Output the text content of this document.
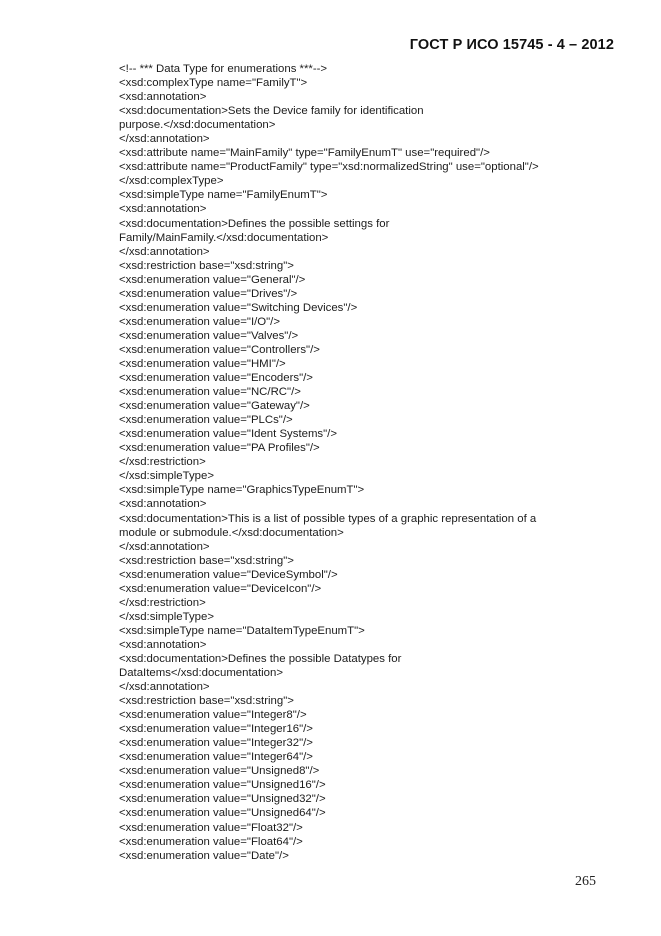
ГОСТ Р ИСО 15745 - 4 – 2012
<!-- *** Data Type for enumerations ***-->
<xsd:complexType name="FamilyT">
<xsd:annotation>
<xsd:documentation>Sets the Device family for identification
purpose.</xsd:documentation>
</xsd:annotation>
<xsd:attribute name="MainFamily" type="FamilyEnumT" use="required"/>
<xsd:attribute name="ProductFamily" type="xsd:normalizedString" use="optional"/>
</xsd:complexType>
<xsd:simpleType name="FamilyEnumT">
<xsd:annotation>
<xsd:documentation>Defines the possible settings for
Family/MainFamily.</xsd:documentation>
</xsd:annotation>
<xsd:restriction base="xsd:string">
<xsd:enumeration value="General"/>
<xsd:enumeration value="Drives"/>
<xsd:enumeration value="Switching Devices"/>
<xsd:enumeration value="I/O"/>
<xsd:enumeration value="Valves"/>
<xsd:enumeration value="Controllers"/>
<xsd:enumeration value="HMI"/>
<xsd:enumeration value="Encoders"/>
<xsd:enumeration value="NC/RC"/>
<xsd:enumeration value="Gateway"/>
<xsd:enumeration value="PLCs"/>
<xsd:enumeration value="Ident Systems"/>
<xsd:enumeration value="PA Profiles"/>
</xsd:restriction>
</xsd:simpleType>
<xsd:simpleType name="GraphicsTypeEnumT">
<xsd:annotation>
<xsd:documentation>This is a list of possible types of a graphic representation of a
module or submodule.</xsd:documentation>
</xsd:annotation>
<xsd:restriction base="xsd:string">
<xsd:enumeration value="DeviceSymbol"/>
<xsd:enumeration value="DeviceIcon"/>
</xsd:restriction>
</xsd:simpleType>
<xsd:simpleType name="DataItemTypeEnumT">
<xsd:annotation>
<xsd:documentation>Defines the possible Datatypes for
DataItems</xsd:documentation>
</xsd:annotation>
<xsd:restriction base="xsd:string">
<xsd:enumeration value="Integer8"/>
<xsd:enumeration value="Integer16"/>
<xsd:enumeration value="Integer32"/>
<xsd:enumeration value="Integer64"/>
<xsd:enumeration value="Unsigned8"/>
<xsd:enumeration value="Unsigned16"/>
<xsd:enumeration value="Unsigned32"/>
<xsd:enumeration value="Unsigned64"/>
<xsd:enumeration value="Float32"/>
<xsd:enumeration value="Float64"/>
<xsd:enumeration value="Date"/>
265
